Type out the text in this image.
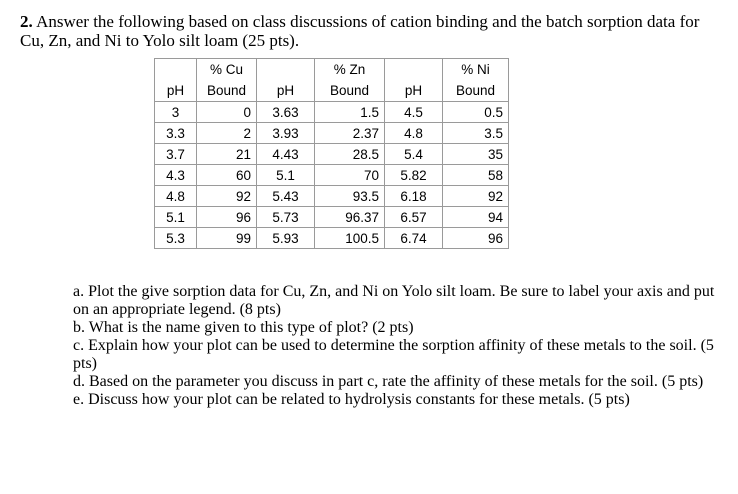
2. Answer the following based on class discussions of cation binding and the batch sorption data for Cu, Zn, and Ni to Yolo silt loam (25 pts).
	% Cu		% Zn		% Ni
pH	Bound	pH	Bound	pH	Bound
3	0	3.63	1.5	4.5	0.5
3.3	2	3.93	2.37	4.8	3.5
3.7	21	4.43	28.5	5.4	35
4.3	60	5.1	70	5.82	58
4.8	92	5.43	93.5	6.18	92
5.1	96	5.73	96.37	6.57	94
5.3	99	5.93	100.5	6.74	96

a. Plot the give sorption data for Cu, Zn, and Ni on Yolo silt loam. Be sure to label your axis and put on an appropriate legend. (8 pts)

b. What is the name given to this type of plot? (2 pts)

c. Explain how your plot can be used to determine the sorption affinity of these metals to the soil. (5 pts)

d. Based on the parameter you discuss in part c, rate the affinity of these metals for the soil. (5 pts)

e. Discuss how your plot can be related to hydrolysis constants for these metals. (5 pts)
